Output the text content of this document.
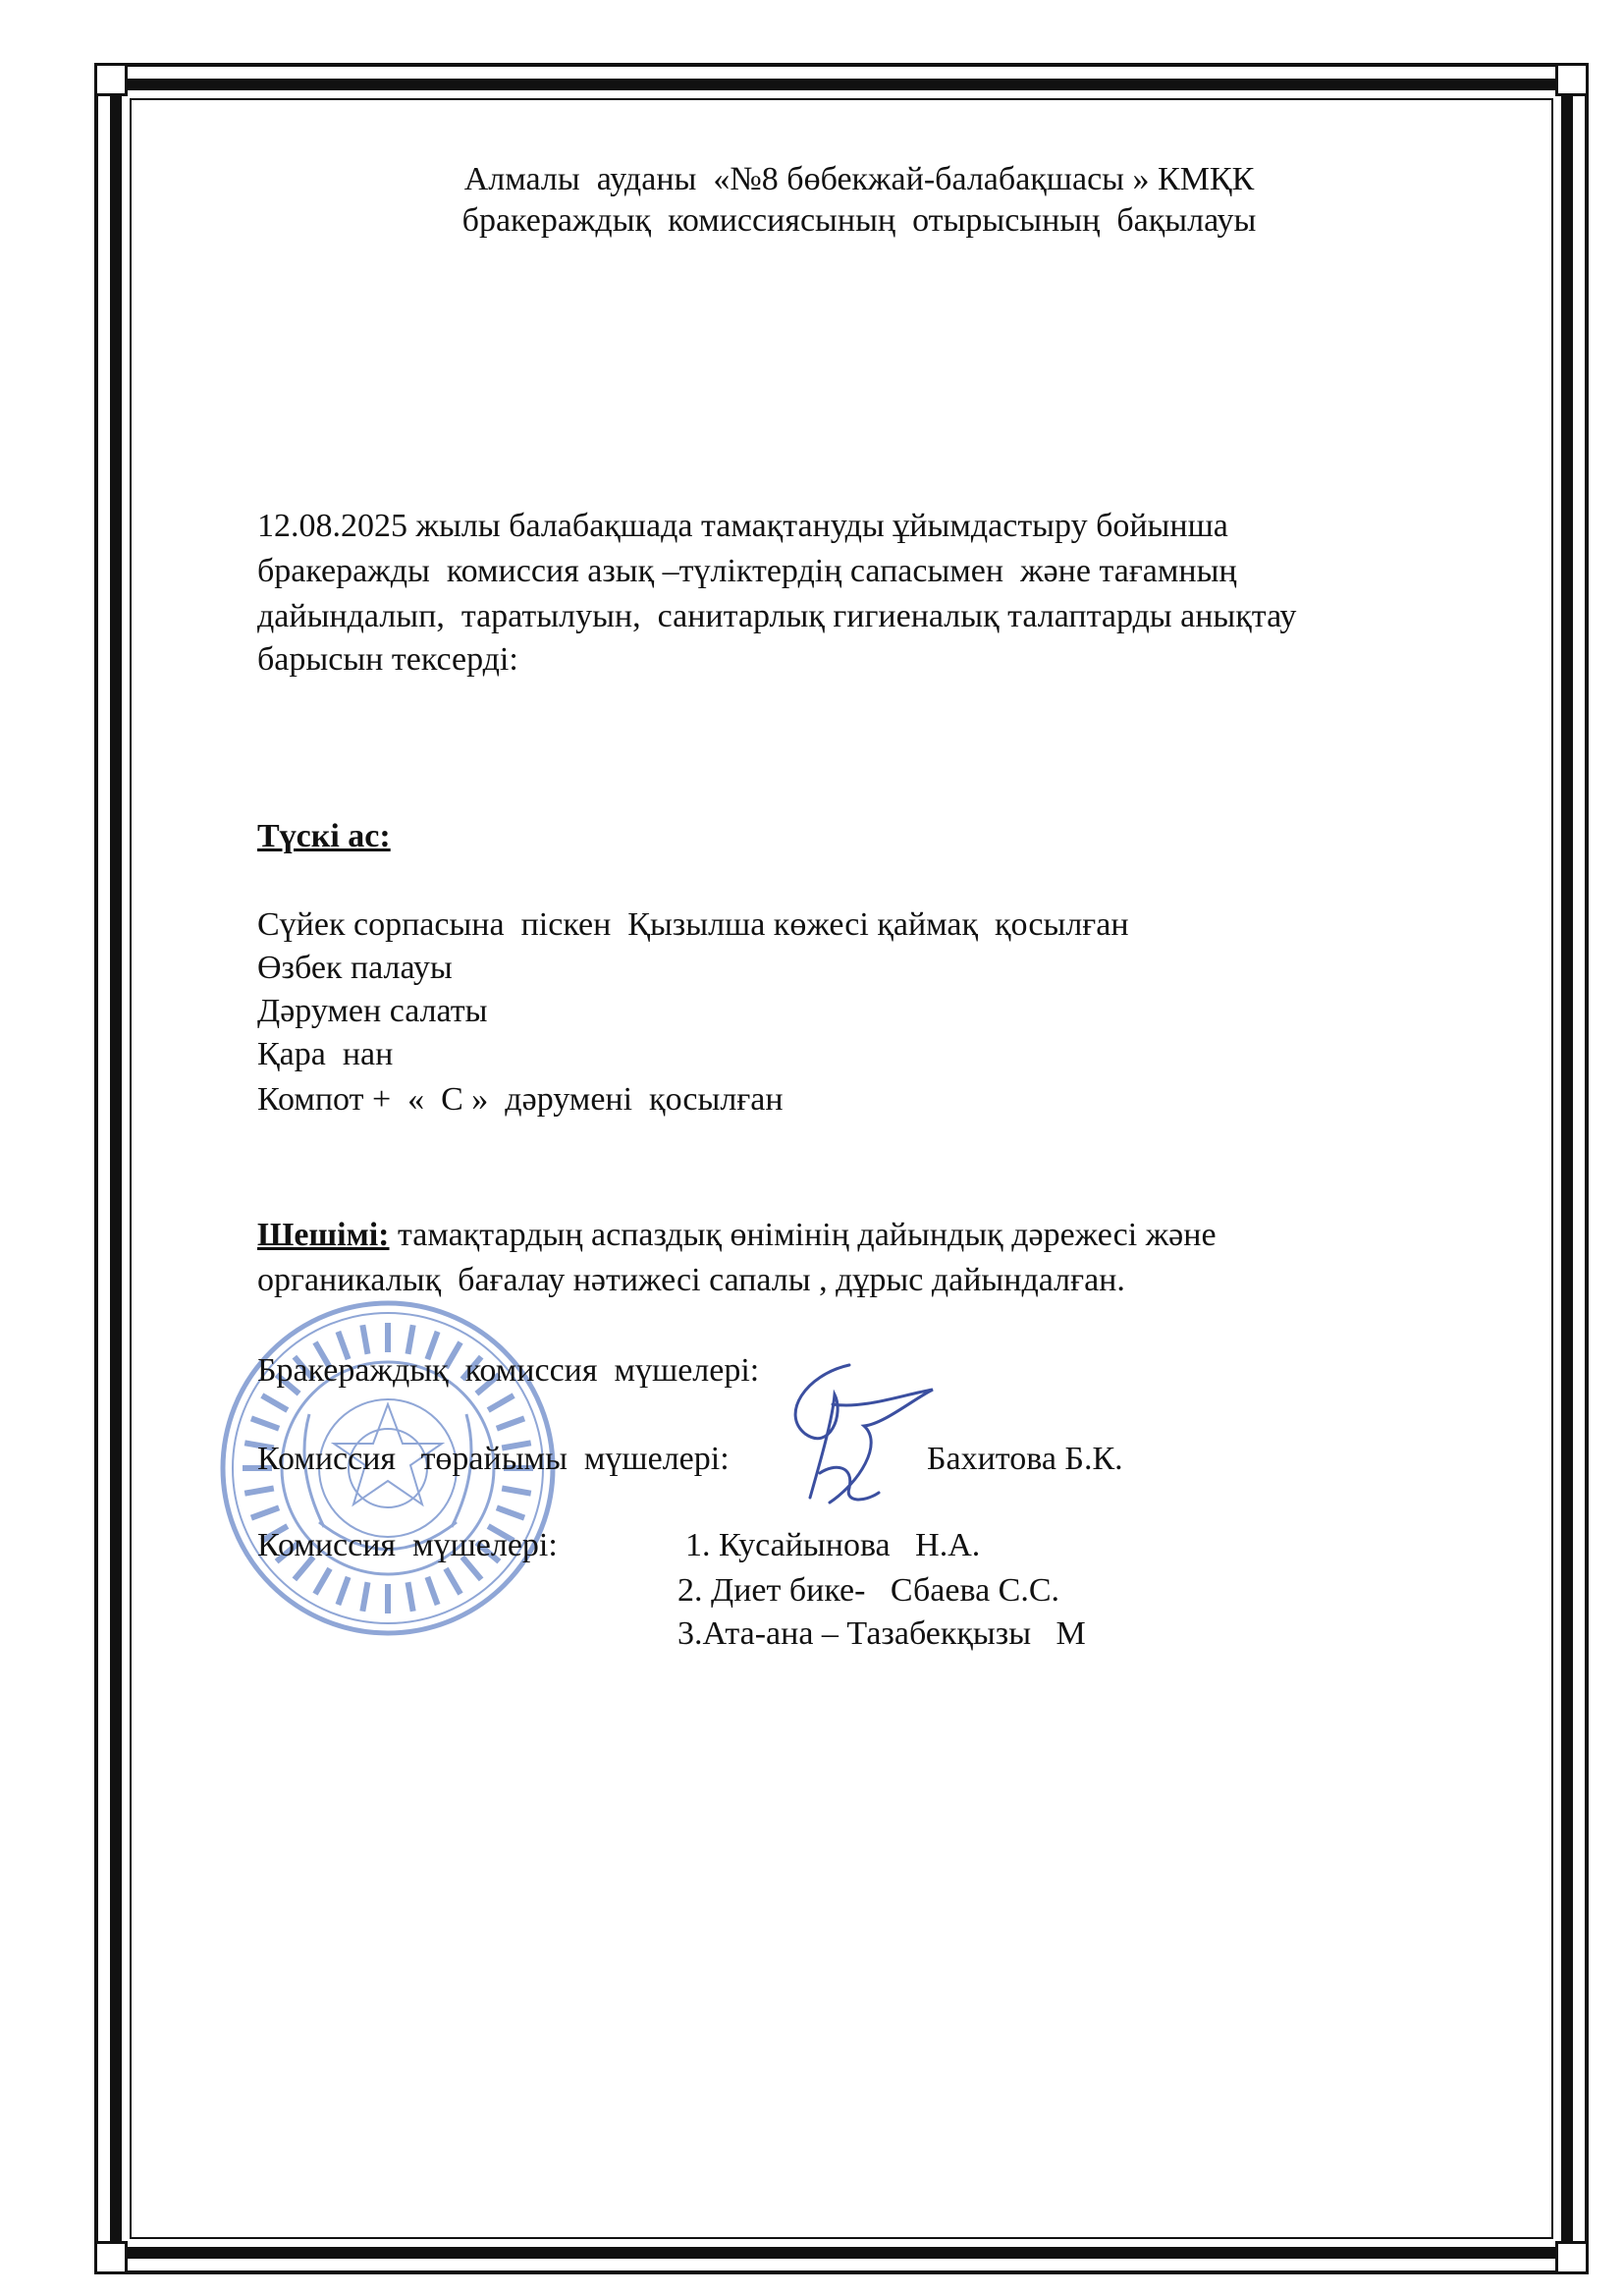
Алмалы  ауданы  «№8 бөбекжай-балабақшасы » КМҚК
бракераждық  комиссиясының  отырысының  бақылауы
12.08.2025 жылы балабақшада тамақтануды ұйымдастыру бойынша
бракеражды  комиссия азық –түліктердің сапасымен  және тағамның
дайындалып,  таратылуын,  санитарлық гигиеналық талаптарды анықтау
барысын тексерді:
Түскі ас:
Сүйек сорпасына  піскен  Қызылша көжесі қаймақ  қосылған
Өзбек палауы
Дәрумен салаты
Қара  нан
Компот +  «  С »  дәрумені  қосылған
Шешімі: тамақтардың аспаздық өнімінің дайындық дәрежесі және
органикалық  бағалау нәтижесі сапалы , дұрыс дайындалған.
Бракераждық  комиссия  мүшелері:
Комиссия   төрайымы  мүшелері:	Бахитова Б.К.
Комиссия  мүшелері:	1. Кусайынова   Н.А.
2. Диет бике-   Сбаева С.С.
3.Ата-ана – Тазабекқызы   М
